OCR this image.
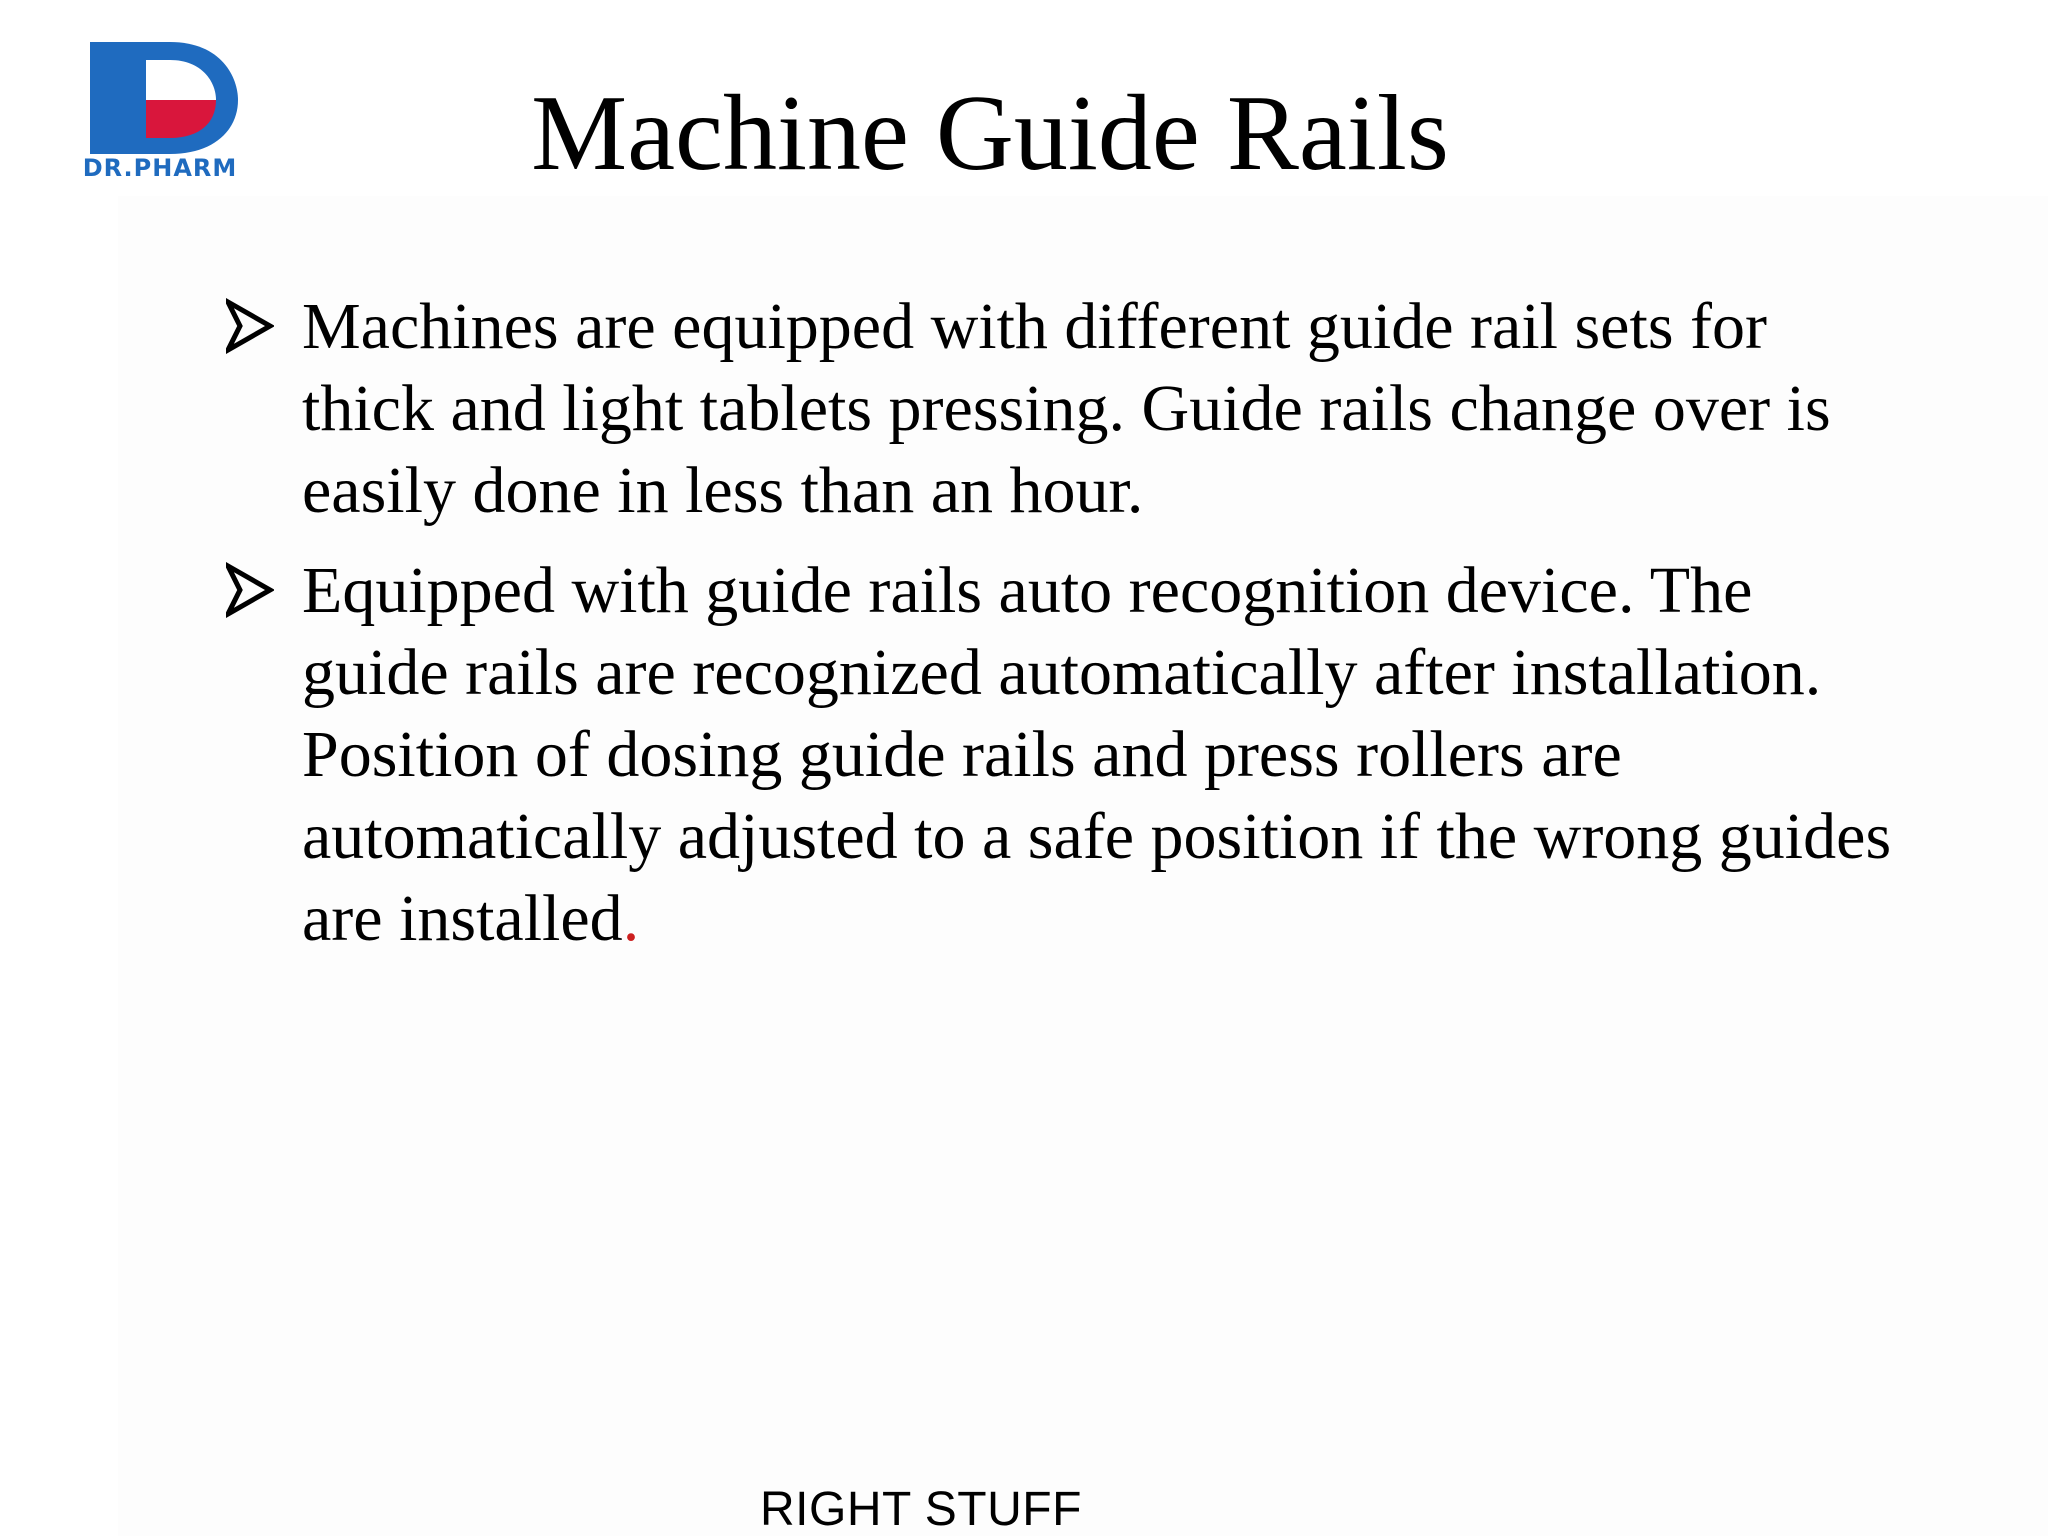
DR.PHARM	Machine Guide Rails
Machines are equipped with different guide rail sets for thick and light tablets pressing. Guide rails change over is easily done in less than an hour.
Equipped with guide rails auto recognition device. The guide rails are recognized automatically after installation. Position of dosing guide rails and press rollers are automatically adjusted to a safe position if the wrong guides are installed.
RIGHT STUFF
